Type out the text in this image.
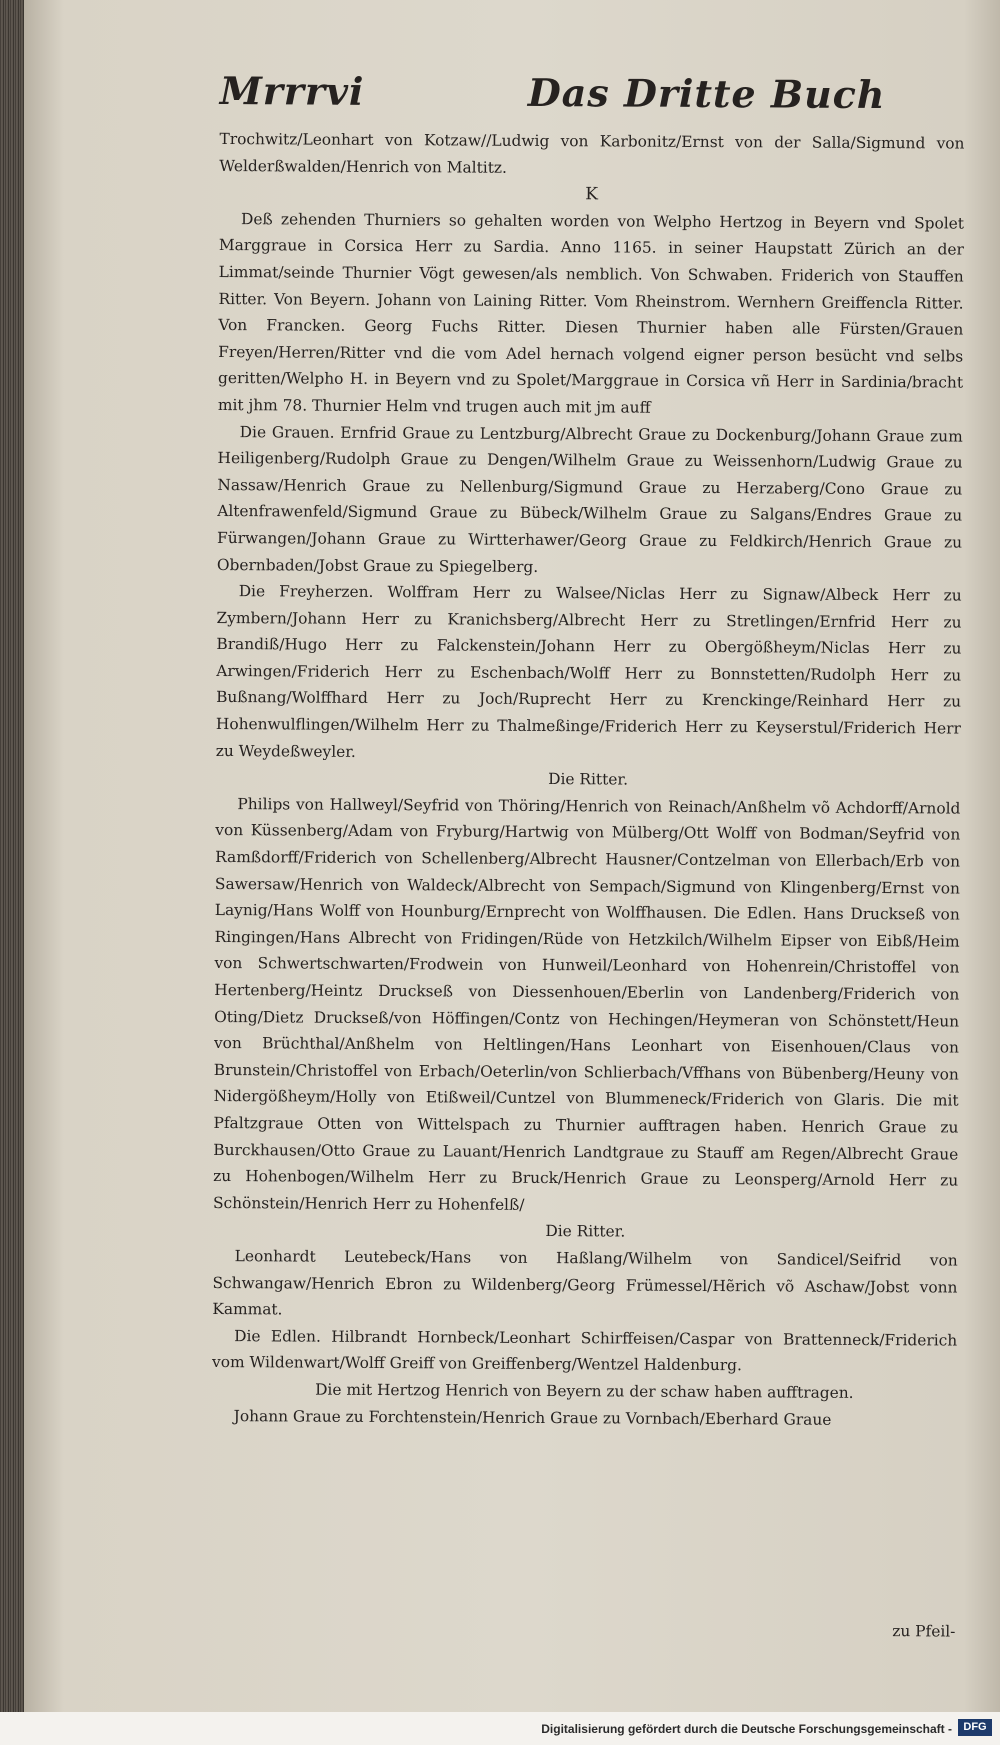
Mrrrvi	Das Dritte Buch

Trochwitz/Leonhart von Kotzaw//Ludwig von Karbonitz/Ernst von der Salla/Sigmund von Welderßwalden/Henrich von Maltitz.

K

Deß zehenden Thurniers so gehalten worden von Welpho Hertzog in Beyern vnd Spolet Marggraue in Corsica Herr zu Sardia. Anno 1165. in seiner Haupstatt Zürich an der Limmat/seinde Thurnier Vögt gewesen/als nemblich. Von Schwaben. Friderich von Stauffen Ritter. Von Beyern. Johann von Laining Ritter. Vom Rheinstrom. Wernhern Greiffencla Ritter. Von Francken. Georg Fuchs Ritter. Diesen Thurnier haben alle Fürsten/Grauen Freyen/Herren/Ritter vnd die vom Adel hernach volgend eigner person besücht vnd selbs geritten/Welpho H. in Beyern vnd zu Spolet/Marggraue in Corsica vñ Herr in Sardinia/bracht mit jhm 78. Thurnier Helm vnd trugen auch mit jm auff

Die Grauen. Ernfrid Graue zu Lentzburg/Albrecht Graue zu Dockenburg/Johann Graue zum Heiligenberg/Rudolph Graue zu Dengen/Wilhelm Graue zu Weissenhorn/Ludwig Graue zu Nassaw/Henrich Graue zu Nellenburg/Sigmund Graue zu Herzaberg/Cono Graue zu Altenfrawenfeld/Sigmund Graue zu Bübeck/Wilhelm Graue zu Salgans/Endres Graue zu Fürwangen/Johann Graue zu Wirtterhawer/Georg Graue zu Feldkirch/Henrich Graue zu Obernbaden/Jobst Graue zu Spiegelberg.

Die Freyherzen. Wolffram Herr zu Walsee/Niclas Herr zu Signaw/Albeck Herr zu Zymbern/Johann Herr zu Kranichsberg/Albrecht Herr zu Stretlingen/Ernfrid Herr zu Brandiß/Hugo Herr zu Falckenstein/Johann Herr zu Obergößheym/Niclas Herr zu Arwingen/Friderich Herr zu Eschenbach/Wolff Herr zu Bonnstetten/Rudolph Herr zu Bußnang/Wolffhard Herr zu Joch/Ruprecht Herr zu Krenckinge/Reinhard Herr zu Hohenwulflingen/Wilhelm Herr zu Thalmeßinge/Friderich Herr zu Keyserstul/Friderich Herr zu Weydeßweyler.

Die Ritter.

Philips von Hallweyl/Seyfrid von Thöring/Henrich von Reinach/Anßhelm võ Achdorff/Arnold von Küssenberg/Adam von Fryburg/Hartwig von Mülberg/Ott Wolff von Bodman/Seyfrid von Ramßdorff/Friderich von Schellenberg/Albrecht Hausner/Contzelman von Ellerbach/Erb von Sawersaw/Henrich von Waldeck/Albrecht von Sempach/Sigmund von Klingenberg/Ernst von Laynig/Hans Wolff von Hounburg/Ernprecht von Wolffhausen. Die Edlen. Hans Druckseß von Ringingen/Hans Albrecht von Fridingen/Rüde von Hetzkilch/Wilhelm Eipser von Eibß/Heim von Schwertschwarten/Frodwein von Hunweil/Leonhard von Hohenrein/Christoffel von Hertenberg/Heintz Druckseß von Diessenhouen/Eberlin von Landenberg/Friderich von Oting/Dietz Druckseß/von Höffingen/Contz von Hechingen/Heymeran von Schönstett/Heun von Brüchthal/Anßhelm von Heltlingen/Hans Leonhart von Eisenhouen/Claus von Brunstein/Christoffel von Erbach/Oeterlin/von Schlierbach/Vffhans von Bübenberg/Heuny von Nidergößheym/Holly von Etißweil/Cuntzel von Blummeneck/Friderich von Glaris. Die mit Pfaltzgraue Otten von Wittelspach zu Thurnier aufftragen haben. Henrich Graue zu Burckhausen/Otto Graue zu Lauant/Henrich Landtgraue zu Stauff am Regen/Albrecht Graue zu Hohenbogen/Wilhelm Herr zu Bruck/Henrich Graue zu Leonsperg/Arnold Herr zu Schönstein/Henrich Herr zu Hohenfelß/

Die Ritter.

Leonhardt Leutebeck/Hans von Haßlang/Wilhelm von Sandicel/Seifrid von Schwangaw/Henrich Ebron zu Wildenberg/Georg Frümessel/Hẽrich võ Aschaw/Jobst vonn Kammat.

Die Edlen. Hilbrandt Hornbeck/Leonhart Schirffeisen/Caspar von Brattenneck/Friderich vom Wildenwart/Wolff Greiff von Greiffenberg/Wentzel Haldenburg.

Die mit Hertzog Henrich von Beyern zu der schaw haben aufftragen.

Johann Graue zu Forchtenstein/Henrich Graue zu Vornbach/Eberhard Graue

zu Pfeil-
Digitalisierung gefördert durch die Deutsche Forschungsgemeinschaft -	DFG
